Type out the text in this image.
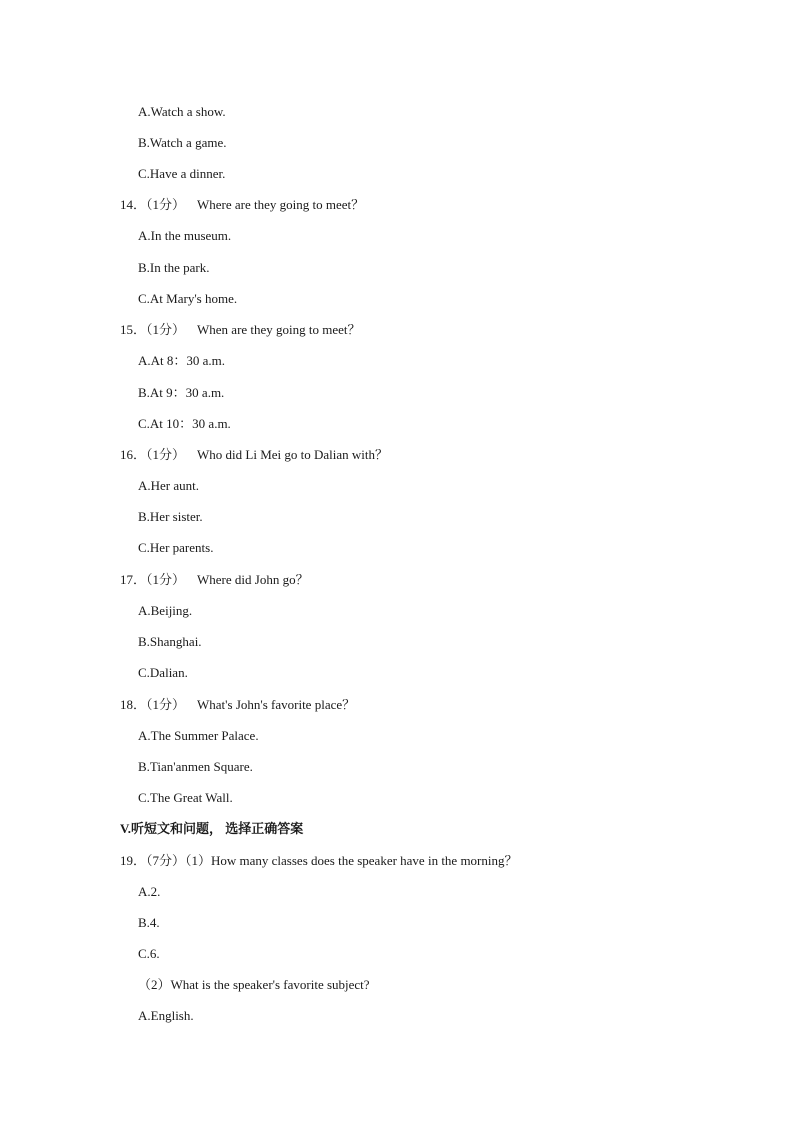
A.Watch a show.
B.Watch a game.
C.Have a dinner.
14．（1分） Where are they going to meet？
A.In the museum.
B.In the park.
C.At Mary's home.
15．（1分） When are they going to meet？
A.At 8：30 a.m.
B.At 9：30 a.m.
C.At 10：30 a.m.
16．（1分） Who did Li Mei go to Dalian with？
A.Her aunt.
B.Her sister.
C.Her parents.
17．（1分） Where did John go？
A.Beijing.
B.Shanghai.
C.Dalian.
18．（1分） What's John's favorite place？
A.The Summer Palace.
B.Tian'anmen Square.
C.The Great Wall.
V.听短文和问题， 选择正确答案
19．（7分）（1）How many classes does the speaker have in the morning？
A.2.
B.4.
C.6.
（2）What is the speaker's favorite subject?
A.English.
